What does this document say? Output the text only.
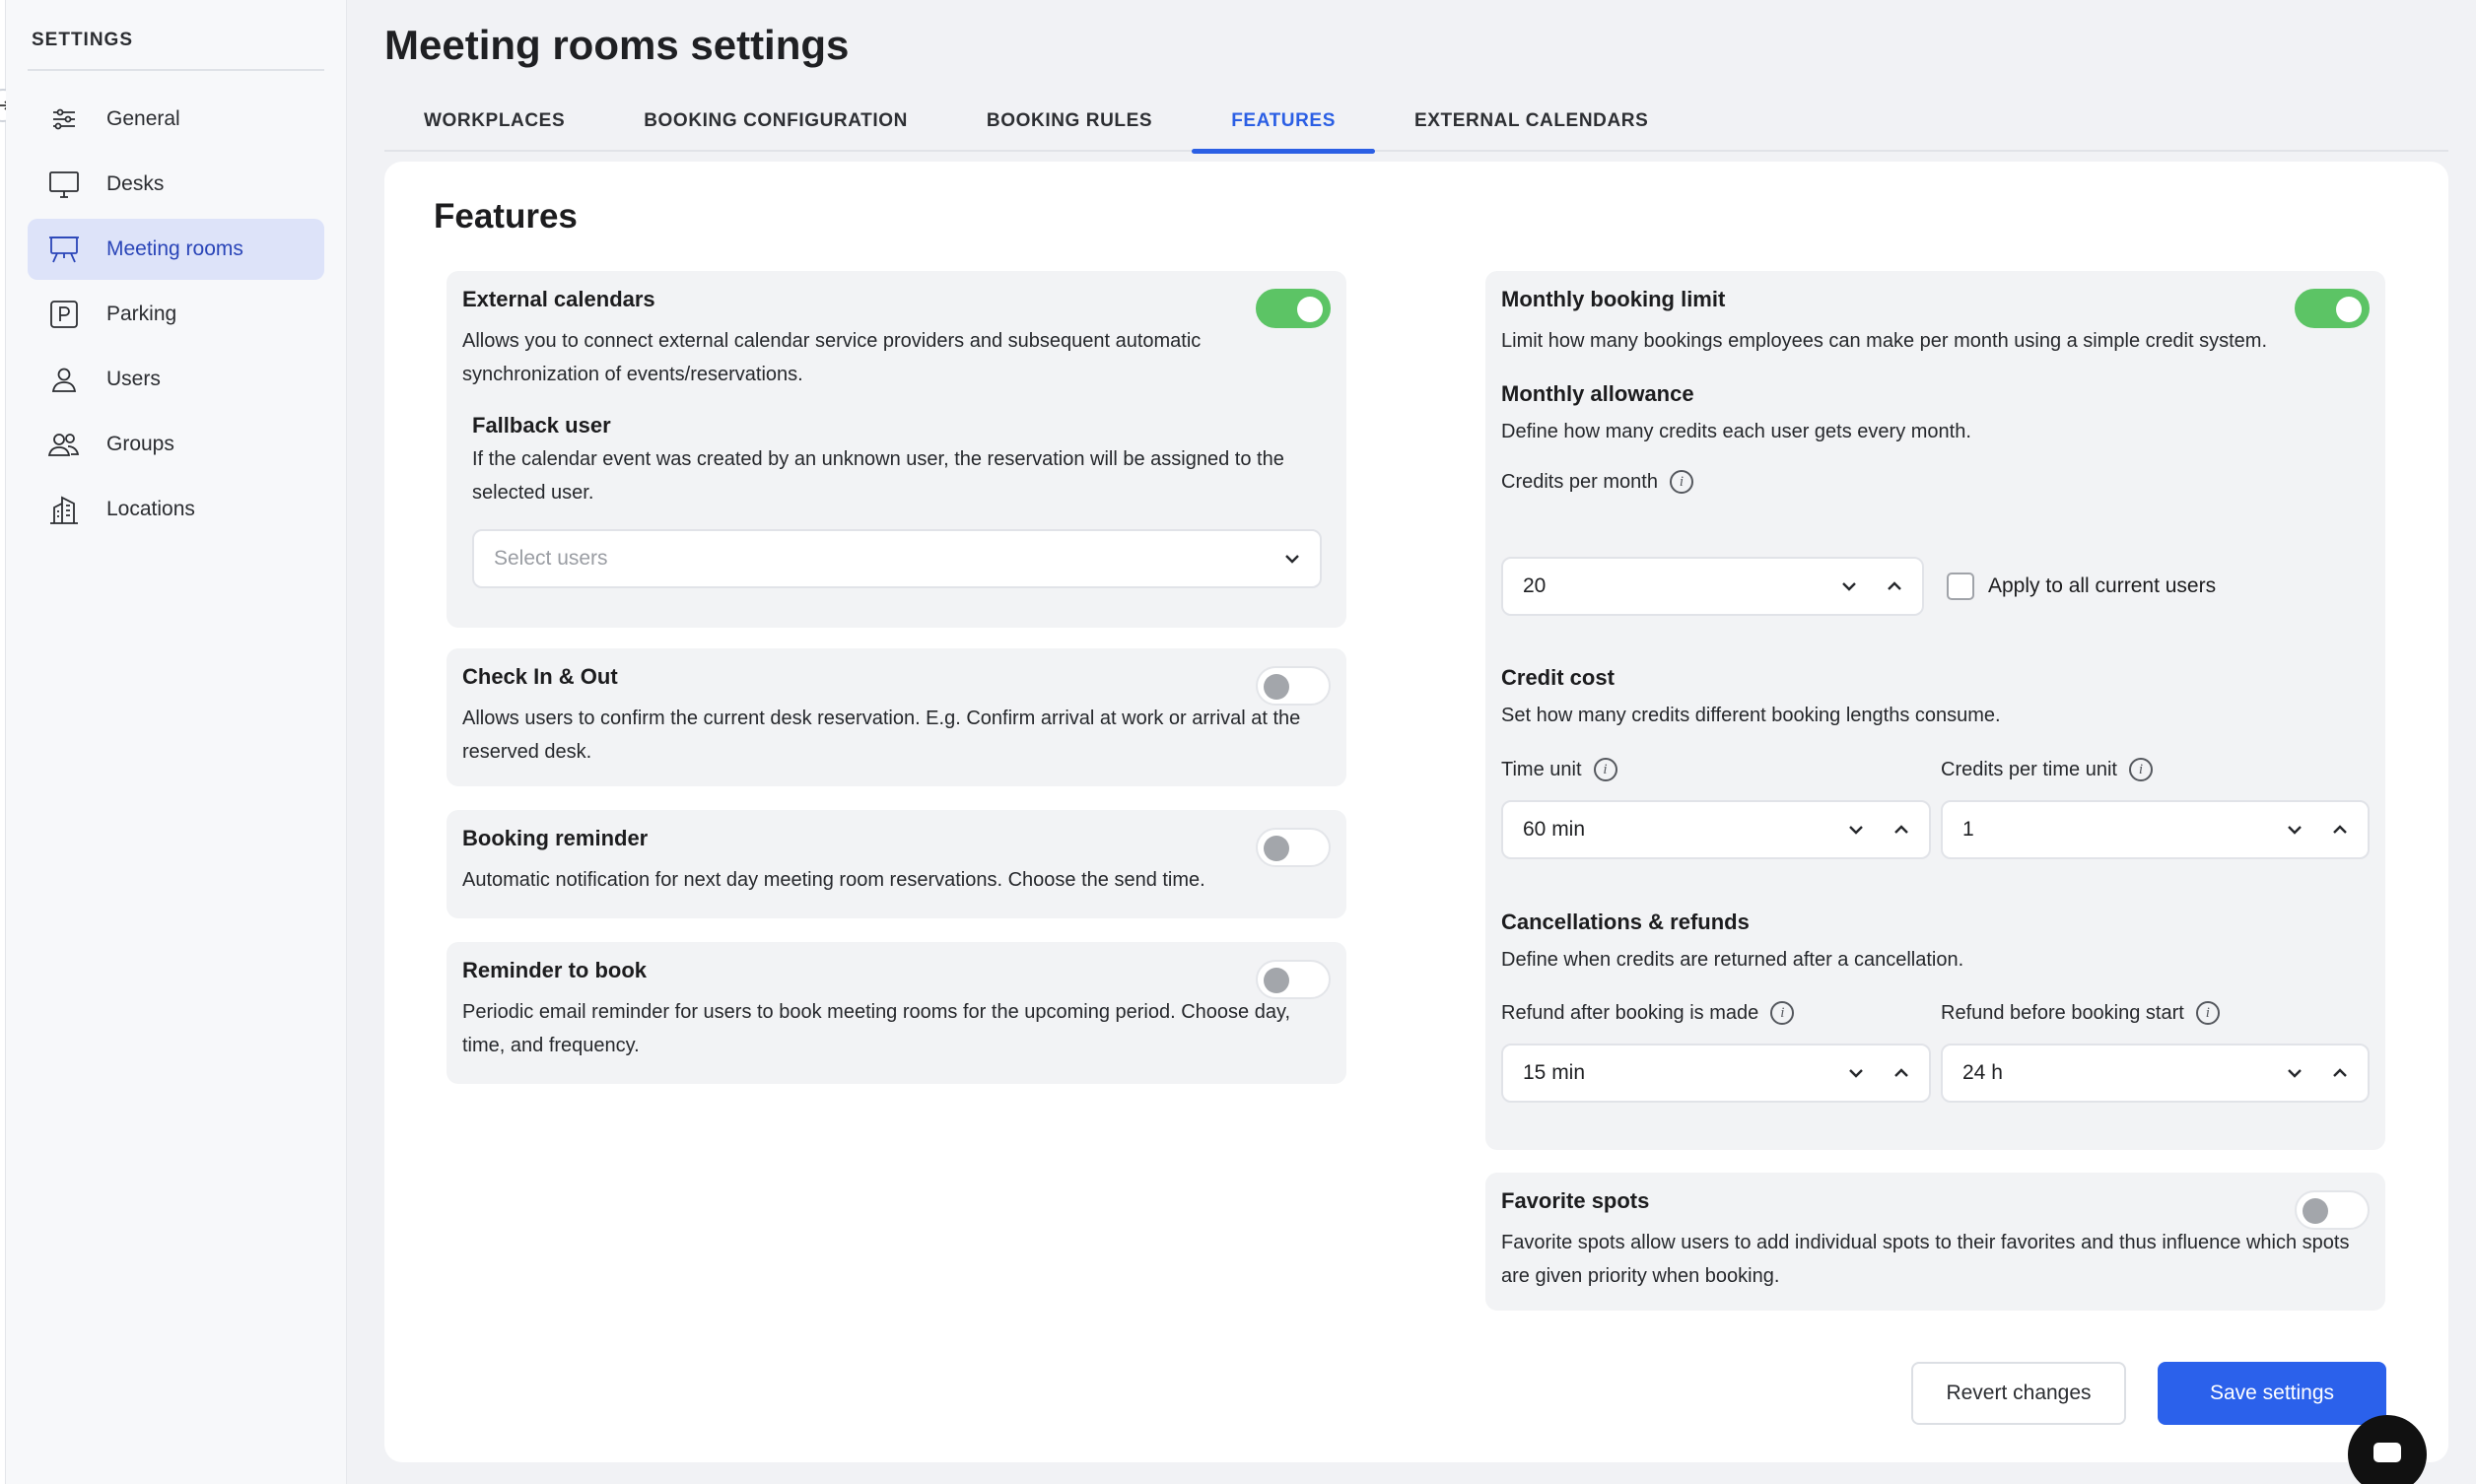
SETTINGS
General
Desks
Meeting rooms
Parking
Users
Groups
Locations
Meeting rooms settings
WORKPLACES	BOOKING CONFIGURATION	BOOKING RULES	FEATURES	EXTERNAL CALENDARS
Features
External calendars

Allows you to connect external calendar service providers and subsequent automatic synchronization of events/reservations.

Fallback user

If the calendar event was created by an unknown user, the reservation will be assigned to the selected user.

Select users
Check In & Out

Allows users to confirm the current desk reservation. E.g. Confirm arrival at work or arrival at the reserved desk.

Booking reminder

Automatic notification for next day meeting room reservations. Choose the send time.

Reminder to book

Periodic email reminder for users to book meeting rooms for the upcoming period. Choose day, time, and frequency.

Monthly booking limit

Limit how many bookings employees can make per month using a simple credit system.

Monthly allowance

Define how many credits each user gets every month.

Credits per month	i
20	Apply to all current users
Credit cost

Set how many credits different booking lengths consume.

Time unit	i
60 min
Credits per time unit	i
1
Cancellations & refunds

Define when credits are returned after a cancellation.

Refund after booking is made	i
15 min
Refund before booking start	i
24 h
Favorite spots

Favorite spots allow users to add individual spots to their favorites and thus influence which spots are given priority when booking.

Revert changes	Save settings
